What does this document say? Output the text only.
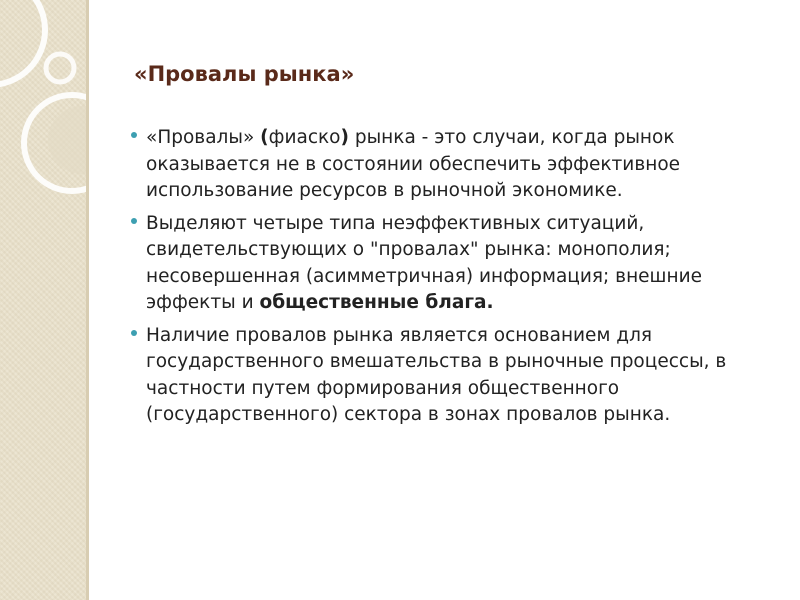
«Провалы рынка»
«Провалы» (фиаско) рынка - это случаи, когда рынок оказывается не в состоянии обеспечить эффективное использование ресурсов в рыночной экономике.
Выделяют четыре типа неэффективных ситуаций, свидетельствующих о "провалах" рынка: монополия; несовершенная (асимметричная) информация; внешние эффекты и общественные блага.
Наличие провалов рынка является основанием для государственного вмешательства в рыночные процессы, в частности путем формирования общественного (государственного) сектора в зонах провалов рынка.
